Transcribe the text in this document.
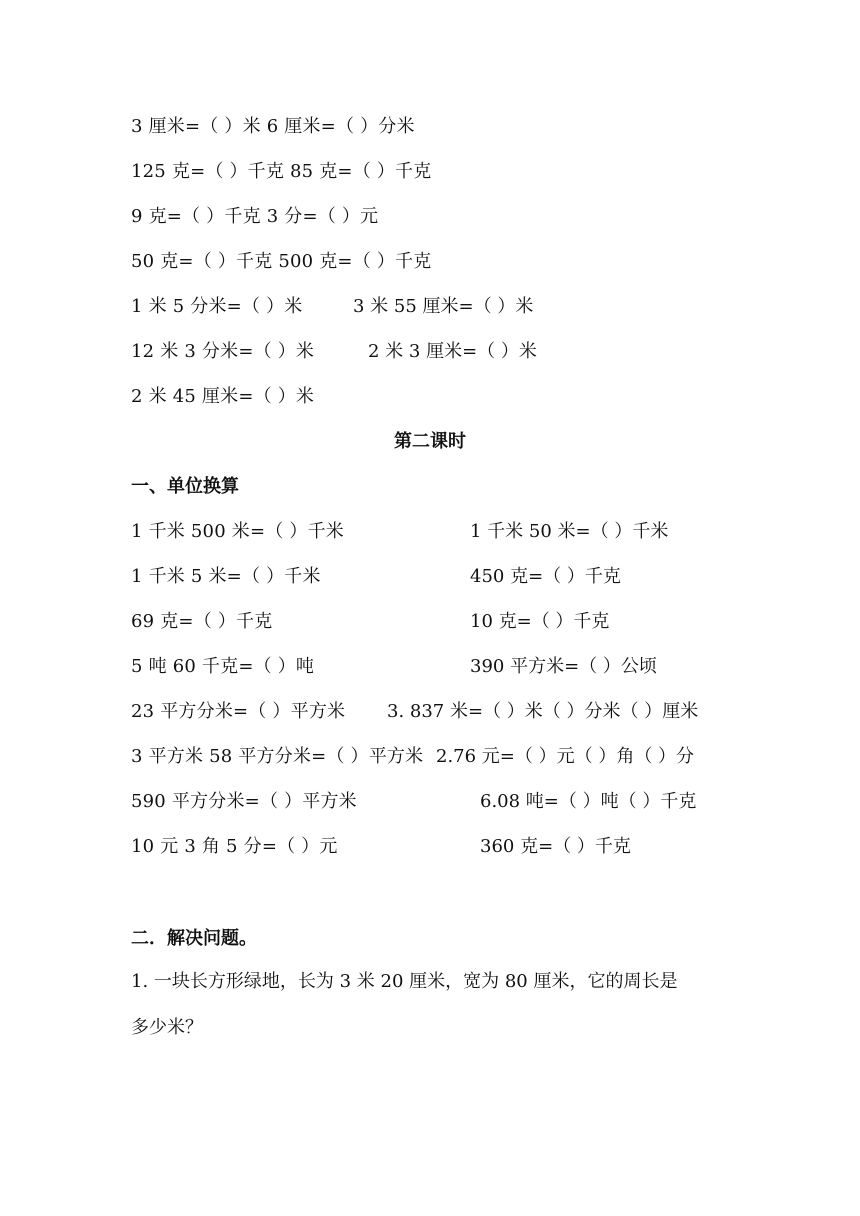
3 厘米=（ ）米 6 厘米=（ ）分米
125 克=（ ）千克 85 克=（ ）千克
9 克=（ ）千克 3 分=（ ）元
50 克=（ ）千克 500 克=（ ）千克
1 米 5 分米=（ ）米	3 米 55 厘米=（ ）米
12 米 3 分米=（ ）米	2 米 3 厘米=（ ）米
2 米 45 厘米=（ ）米
第二课时
一、单位换算
1 千米 500 米=（ ）千米	1 千米 50 米=（ ）千米
1 千米 5 米=（ ）千米	450 克=（ ）千克
69 克=（ ）千克	10 克=（ ）千克
5 吨 60 千克=（ ）吨	390 平方米=（ ）公顷
23 平方分米=（ ）平方米 3. 837 米=（ ）米（ ）分米（ ）厘米
3 平方米 58 平方分米=（ ）平方米 2.76 元=（ ）元（ ）角（ ）分
590 平方分米=（ ）平方米	6.08 吨=（ ）吨（ ）千克
10 元 3 角 5 分=（ ）元	360 克=（ ）千克
二．解决问题。
1. 一块长方形绿地，长为 3 米 20 厘米，宽为 80 厘米，它的周长是
多少米？
